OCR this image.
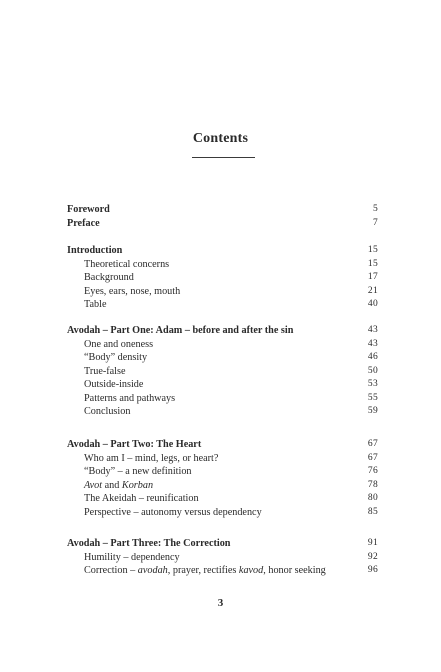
Contents
Foreword	5
Preface	7
Introduction	15
Theoretical concerns	15
Background	17
Eyes, ears, nose, mouth	21
Table	40
Avodah – Part One: Adam – before and after the sin	43
One and oneness	43
“Body” density	46
True-false	50
Outside-inside	53
Patterns and pathways	55
Conclusion	59
Avodah – Part Two: The Heart	67
Who am I – mind, legs, or heart?	67
“Body” – a new definition	76
Avot and Korban	78
The Akeidah – reunification	80
Perspective – autonomy versus dependency	85
Avodah – Part Three: The Correction	91
Humility – dependency	92
Correction – avodah, prayer, rectifies kavod, honor seeking	96
3
